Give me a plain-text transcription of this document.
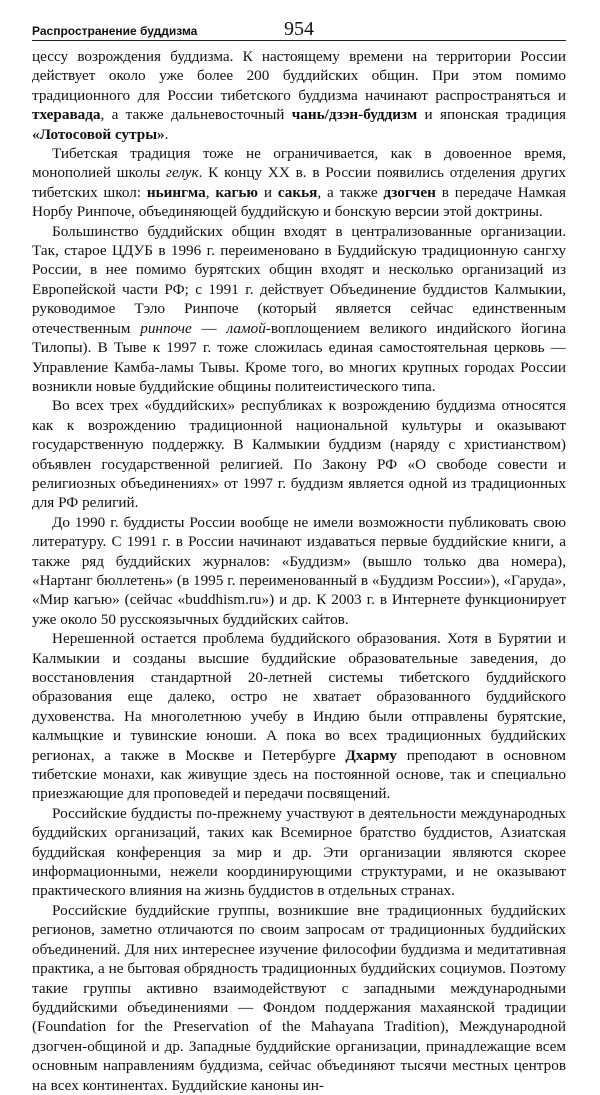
Распространение буддизма	954

цессу возрождения буддизма. К настоящему времени на территории России действует около уже более 200 буддийских общин. При этом помимо традиционного для России тибетского буддизма начинают распространяться и тхеравада, а также дальневосточный чань/дзэн-буддизм и японская традиция «Лотосовой сутры».

Тибетская традиция тоже не ограничивается, как в довоенное время, монополией школы гелук. К концу XX в. в России появились отделения других тибетских школ: ньингма, кагью и сакья, а также дзогчен в передаче Намкая Норбу Ринпоче, объединяющей буддийскую и бонскую версии этой доктрины.

Большинство буддийских общин входят в централизованные организации. Так, старое ЦДУБ в 1996 г. переименовано в Буддийскую традиционную сангху России, в нее помимо бурятских общин входят и несколько организаций из Европейской части РФ; с 1991 г. действует Объединение буддистов Калмыкии, руководимое Тэло Ринпоче (который является сейчас единственным отечественным ринпоче — ламой-воплощением великого индийского йогина Тилопы). В Тыве к 1997 г. тоже сложилась единая самостоятельная церковь — Управление Камба-ламы Тывы. Кроме того, во многих крупных городах России возникли новые буддийские общины политеистического типа.

Во всех трех «буддийских» республиках к возрождению буддизма относятся как к возрождению традиционной национальной культуры и оказывают государственную поддержку. В Калмыкии буддизм (наряду с христианством) объявлен государственной религией. По Закону РФ «О свободе совести и религиозных объединениях» от 1997 г. буддизм является одной из традиционных для РФ религий.

До 1990 г. буддисты России вообще не имели возможности публиковать свою литературу. С 1991 г. в России начинают издаваться первые буддийские книги, а также ряд буддийских журналов: «Буддизм» (вышло только два номера), «Нартанг бюллетень» (в 1995 г. переименованный в «Буддизм России»), «Гаруда», «Мир кагью» (сейчас «buddhism.ru») и др. К 2003 г. в Интернете функционирует уже около 50 русскоязычных буддийских сайтов.

Нерешенной остается проблема буддийского образования. Хотя в Бурятии и Калмыкии и созданы высшие буддийские образовательные заведения, до восстановления стандартной 20-летней системы тибетского буддийского образования еще далеко, остро не хватает образованного буддийского духовенства. На многолетнюю учебу в Индию были отправлены бурятские, калмыцкие и тувинские юноши. А пока во всех традиционных буддийских регионах, а также в Москве и Петербурге Дхарму преподают в основном тибетские монахи, как живущие здесь на постоянной основе, так и специально приезжающие для проповедей и передачи посвящений.

Российские буддисты по-прежнему участвуют в деятельности международных буддийских организаций, таких как Всемирное братство буддистов, Азиатская буддийская конференция за мир и др. Эти организации являются скорее информационными, нежели координирующими структурами, и не оказывают практического влияния на жизнь буддистов в отдельных странах.

Российские буддийские группы, возникшие вне традиционных буддийских регионов, заметно отличаются по своим запросам от традиционных буддийских объединений. Для них интереснее изучение философии буддизма и медитативная практика, а не бытовая обрядность традиционных буддийских социумов. Поэтому такие группы активно взаимодействуют с западными международными буддийскими объединениями — Фондом поддержания махаянской традиции (Foundation for the Preservation of the Mahayana Tradition), Международной дзогчен-общиной и др. Западные буддийские организации, принадлежащие всем основным направлениям буддизма, сейчас объединяют тысячи местных центров на всех континентах. Буддийские каноны ин-
